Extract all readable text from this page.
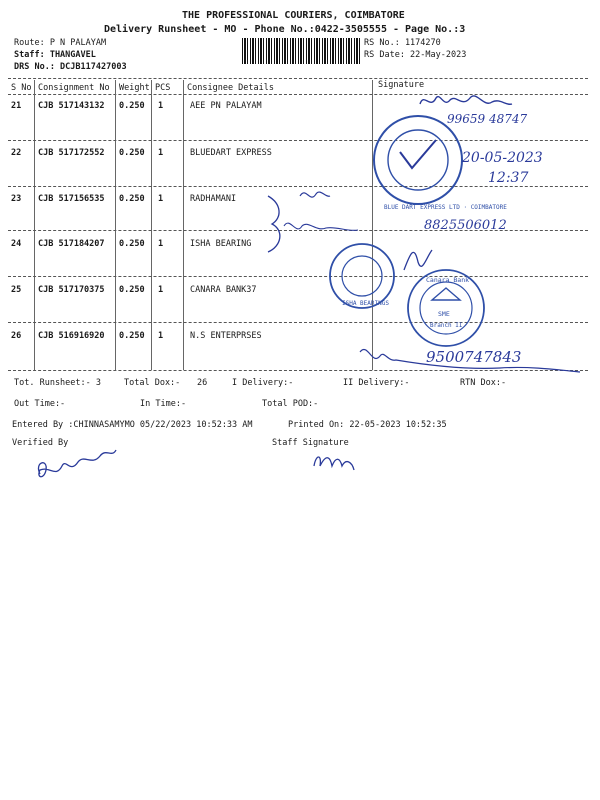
THE PROFESSIONAL COURIERS, COIMBATORE
Delivery Runsheet - MO - Phone No.:0422-3505555 - Page No.:3
Route: P N PALAYAM
Staff: THANGAVEL
DRS No.: DCJB117427003
RS No.: 1174270
RS Date: 22-May-2023
S No Consignment No Weight PCS Consignee Details	Signature
21 CJB 517143132 0.250 1	AEE PN PALAYAM
22 CJB 517172552 0.250 1	BLUEDART EXPRESS
23 CJB 517156535 0.250 1	RADHAMANI
24 CJB 517184207 0.250 1	ISHA BEARING
25 CJB 517170375 0.250 1	CANARA BANK37
26 CJB 516916920 0.250 1	N.S ENTERPRSES
99659 48747
20-05-2023
12:37
8825506012
9500747843
BLUE DART EXPRESS LTD · COIMBATORE
ISHA BEARINGS
Canara Bank
SME
Branch II
Tot. Runsheet:- 3	Total Dox:- 26	I Delivery:-	II Delivery:-	RTN Dox:-
Out Time:-	In Time:-	Total POD:-
Entered By :CHINNASAMYMO 05/22/2023 10:52:33 AM	Printed On: 22-05-2023 10:52:35
Verified By	Staff Signature
